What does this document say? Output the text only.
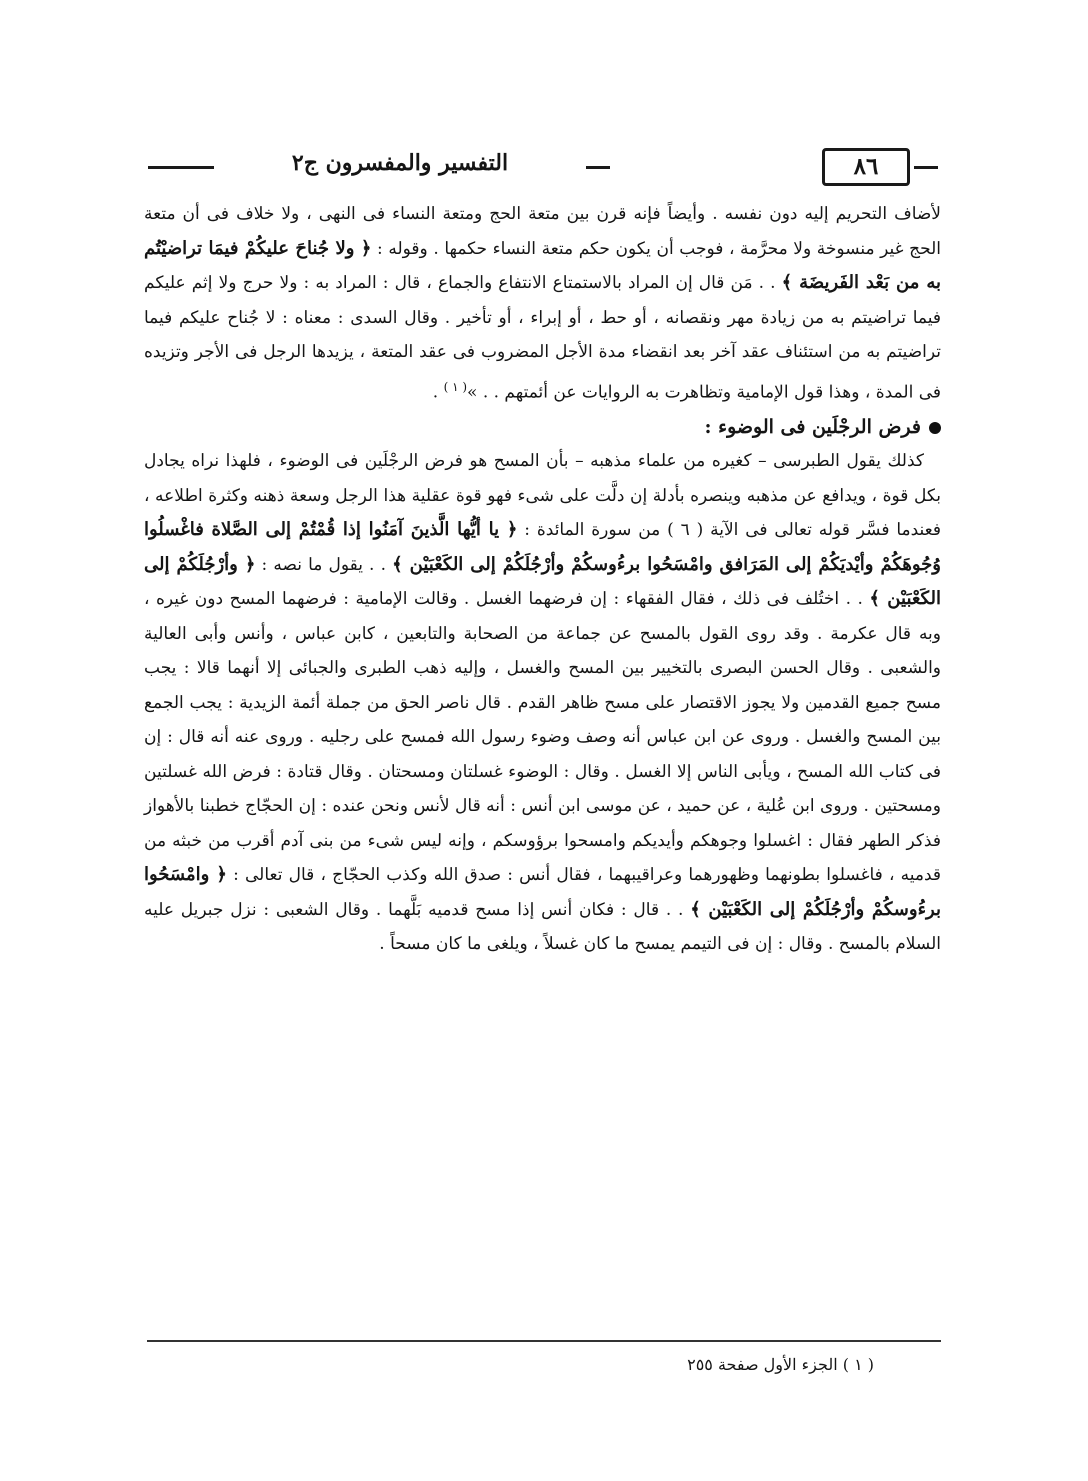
التفسير والمفسرون ج٢	٨٦

لأضاف التحريم إليه دون نفسه . وأيضاً فإنه قرن بين متعة الحج ومتعة النساء فى النهى ، ولا خلاف فى أن متعة الحج غير منسوخة ولا محرَّمة ، فوجب أن يكون حكم متعة النساء حكمها . وقوله : ﴿ ولا جُناحَ عليكُمْ فيمَا تراضيْتُم به من بَعْد الفَريضَة ﴾ . . مَن قال إن المراد بالاستمتاع الانتفاع والجماع ، قال : المراد به : ولا حرج ولا إثم عليكم فيما تراضيتم به من زيادة مهر ونقصانه ، أو حط ، أو إبراء ، أو تأخير . وقال السدى : معناه : لا جُناح عليكم فيما تراضيتم به من استئناف عقد آخر بعد انقضاء مدة الأجل المضروب فى عقد المتعة ، يزيدها الرجل فى الأجر وتزيده فى المدة ، وهذا قول الإمامية وتظاهرت به الروايات عن أئمتهم . . »$^{( ١ )}$ .

فرض الرجْلَين فى الوضوء :

 كذلك يقول الطبرسى – كغيره من علماء مذهبه – بأن المسح هو فرض الرجْلَين فى الوضوء ، فلهذا نراه يجادل بكل قوة ، ويدافع عن مذهبه وينصره بأدلة إن دلَّت على شىء فهو قوة عقلية هذا الرجل وسعة ذهنه وكثرة اطلاعه ، فعندما فسَّر قوله تعالى فى الآية ( ٦ ) من سورة المائدة : ﴿ يا أيُّها الَّذينَ آمَنُوا إذا قُمْتُمْ إلى الصَّلاة فاغْسلُوا وُجُوهَكُمْ وأيْديَكُمْ إلى المَرَافق وامْسَحُوا برءُوسكُمْ وأرْجُلَكُمْ إلى الكَعْبَيْن ﴾ . . يقول ما نصه : ﴿ وأرْجُلَكُمْ إلى الكَعْبَيْن ﴾ . . اختُلف فى ذلك ، فقال الفقهاء : إن فرضهما الغسل . وقالت الإمامية : فرضهما المسح دون غيره ، وبه قال عكرمة . وقد روى القول بالمسح عن جماعة من الصحابة والتابعين ، كابن عباس ، وأنس وأبى العالية والشعبى . وقال الحسن البصرى بالتخيير بين المسح والغسل ، وإليه ذهب الطبرى والجبائى إلا أنهما قالا : يجب مسح جميع القدمين ولا يجوز الاقتصار على مسح ظاهر القدم . قال ناصر الحق من جملة أئمة الزيدية : يجب الجمع بين المسح والغسل . وروى عن ابن عباس أنه وصف وضوء رسول الله فمسح على رجليه . وروى عنه أنه قال : إن فى كتاب الله المسح ، ويأبى الناس إلا الغسل . وقال : الوضوء غسلتان ومسحتان . وقال قتادة : فرض الله غسلتين ومسحتين . وروى ابن عُلية ، عن حميد ، عن موسى ابن أنس : أنه قال لأنس ونحن عنده : إن الحجّاج خطبنا بالأهواز فذكر الطهر فقال : اغسلوا وجوهكم وأيديكم وامسحوا برؤوسكم ، وإنه ليس شىء من بنى آدم أقرب من خبثه من قدميه ، فاغسلوا بطونهما وظهورهما وعراقيبهما ، فقال أنس : صدق الله وكذب الحجّاج ، قال تعالى : ﴿ وامْسَحُوا برءُوسكُمْ وأرْجُلَكُمْ إلى الكَعْبَيْن ﴾ . . قال : فكان أنس إذا مسح قدميه بَلَّهما . وقال الشعبى : نزل جبريل عليه السلام بالمسح . وقال : إن فى التيمم يمسح ما كان غسلاً ، ويلغى ما كان مسحاً .

( ١ ) الجزء الأول صفحة ٢٥٥
